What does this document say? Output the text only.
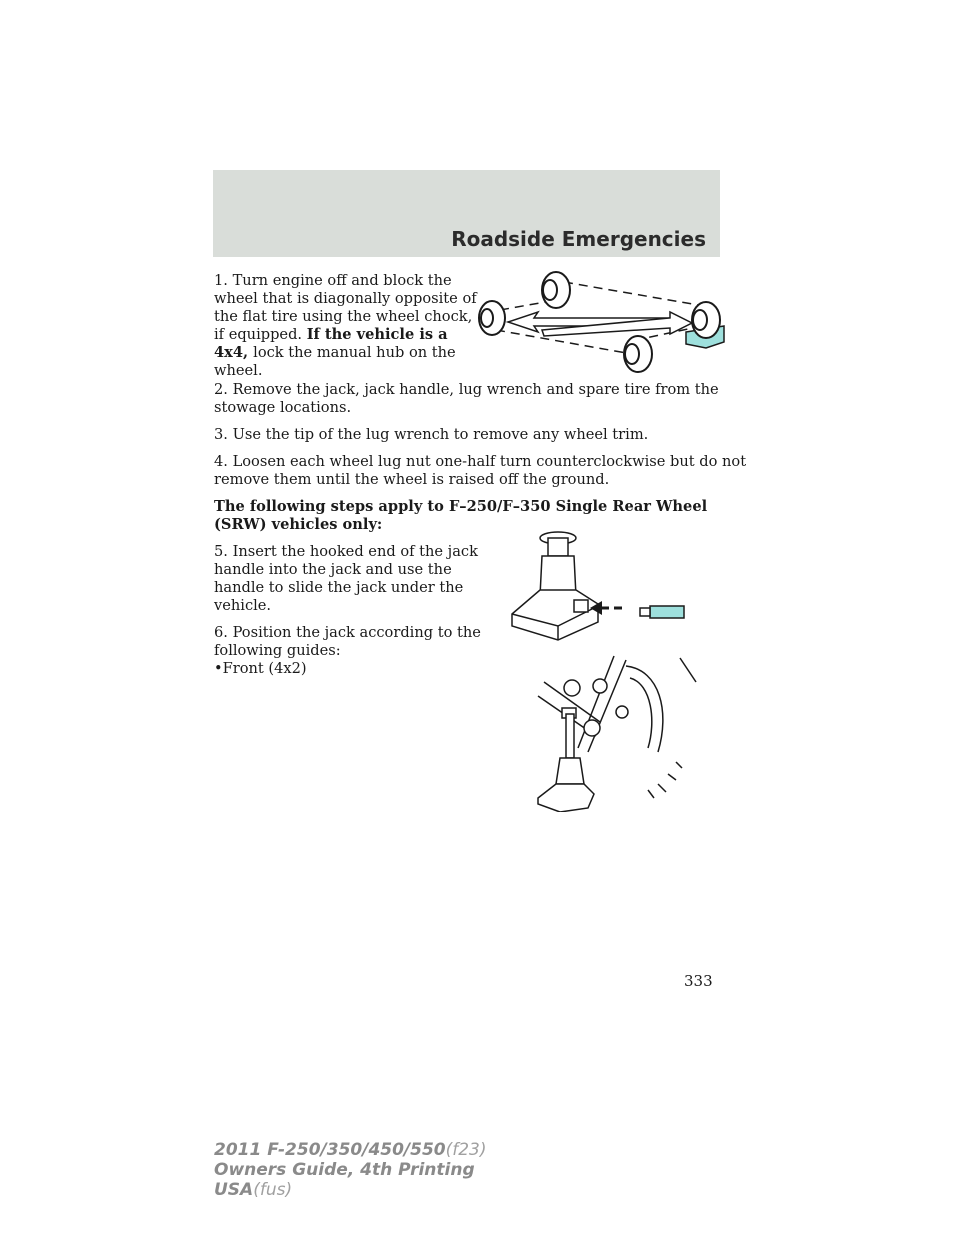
Roadside Emergencies
1. Turn engine off and block the
wheel that is diagonally opposite of
the flat tire using the wheel chock,
if equipped. If the vehicle is a
4x4, lock the manual hub on the
wheel.
2. Remove the jack, jack handle, lug wrench and spare tire from the
stowage locations.
3. Use the tip of the lug wrench to remove any wheel trim.
4. Loosen each wheel lug nut one-half turn counterclockwise but do not
remove them until the wheel is raised off the ground.
The following steps apply to F–250/F–350 Single Rear Wheel
(SRW) vehicles only:
5. Insert the hooked end of the jack
handle into the jack and use the
handle to slide the jack under the
vehicle.
6. Position the jack according to the
following guides:
•Front (4x2)
333
2011 F-250/350/450/550(f23)
Owners Guide, 4th Printing
USA(fus)
